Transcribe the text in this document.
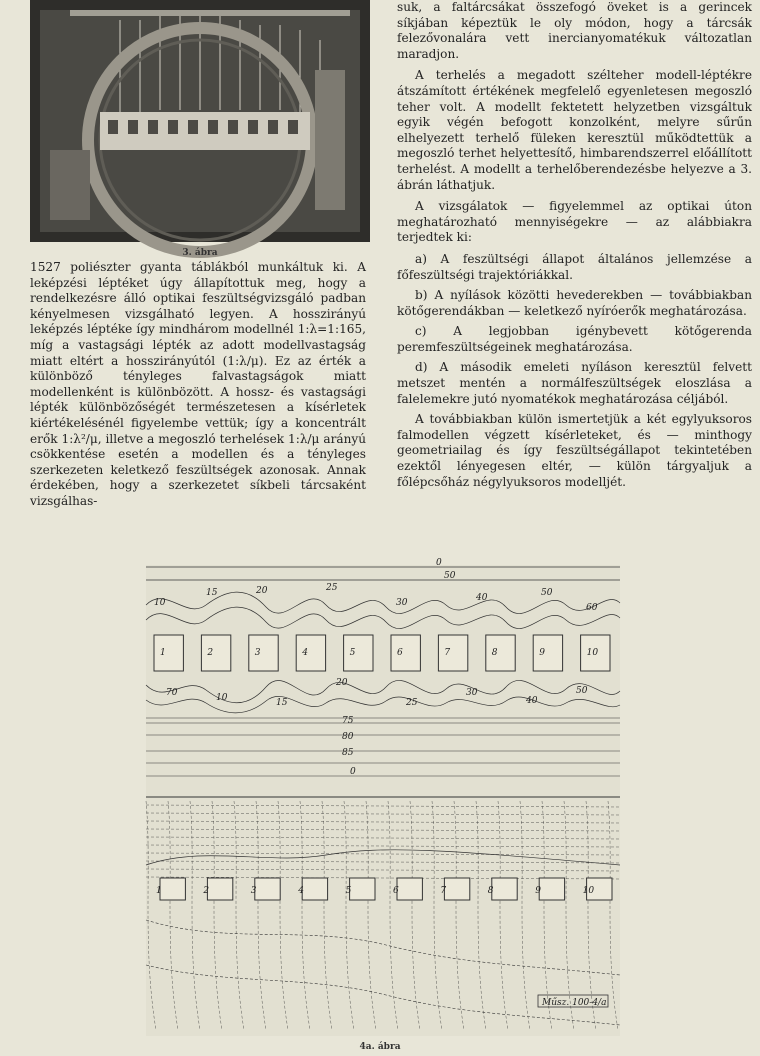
3. ábra

1527 poliészter gyanta táblákból munkáltuk ki. A leképzési léptéket úgy állapítottuk meg, hogy a rendelkezésre álló optikai feszültségvizsgáló padban kényelmesen vizsgálható legyen. A hosszirányú leképzés léptéke így mindhárom modellnél 1:λ=1:165, míg a vastagsági lépték az adott modellvastagság miatt eltért a hosszirányútól (1:λ/μ). Ez az érték a különböző tényleges falvastagságok miatt modellenként is különbözött. A hossz- és vastagsági lépték különbözőségét természetesen a kísérletek kiértékelésénél figyelembe vettük; így a koncentrált erők 1:λ²/μ, illetve a megoszló terhelések 1:λ/μ arányú csökkentése esetén a modellen és a tényleges szerkezeten keletkező feszültségek azonosak. Annak érdekében, hogy a szerkezetet síkbeli tárcsaként vizsgálhas-

suk, a faltárcsákat összefogó öveket is a gerincek síkjában képeztük le oly módon, hogy a tárcsák felezővonalára vett inercianyomatékuk változatlan maradjon.

A terhelés a megadott szélteher modell-léptékre átszámított értékének megfelelő egyenletesen megoszló teher volt. A modellt fektetett helyzetben vizsgáltuk egyik végén befogott konzolként, melyre sűrűn elhelyezett terhelő füleken keresztül működtettük a megoszló terhet helyettesítő, himbarendszerrel előállított terhelést. A modellt a terhelőberendezésbe helyezve a 3. ábrán láthatjuk.

A vizsgálatok — figyelemmel az optikai úton meghatározható mennyiségekre — az alábbiakra terjedtek ki:

a) A feszültségi állapot általános jellemzése a főfeszültségi trajektóriákkal.

b) A nyílások közötti hevederekben — továbbiakban kötőgerendákban — keletkező nyíróerők meghatározása.

c) A legjobban igénybevett kötőgerenda peremfeszültségeinek meghatározása.

d) A második emeleti nyíláson keresztül felvett metszet mentén a normálfeszültségek eloszlása a falelemekre jutó nyomatékok meghatározása céljából.

A továbbiakban külön ismertetjük a két egylyuksoros falmodellen végzett kísérleteket, és — minthogy geometriailag és így feszültségállapot tekintetében ezektől lényegesen eltér, — külön tárgyaljuk a főlépcsőház négylyuksoros modelljét.

1
1
2
2
3
3
4
4
5
5
6
6
7
7
8
8
9
9
10
10
0
50
75
80
85
0
10
15	20	25
30	40	50
60
70	10	15
20
25
30
40
50
Műsz. 100-4/a
4a. ábra
